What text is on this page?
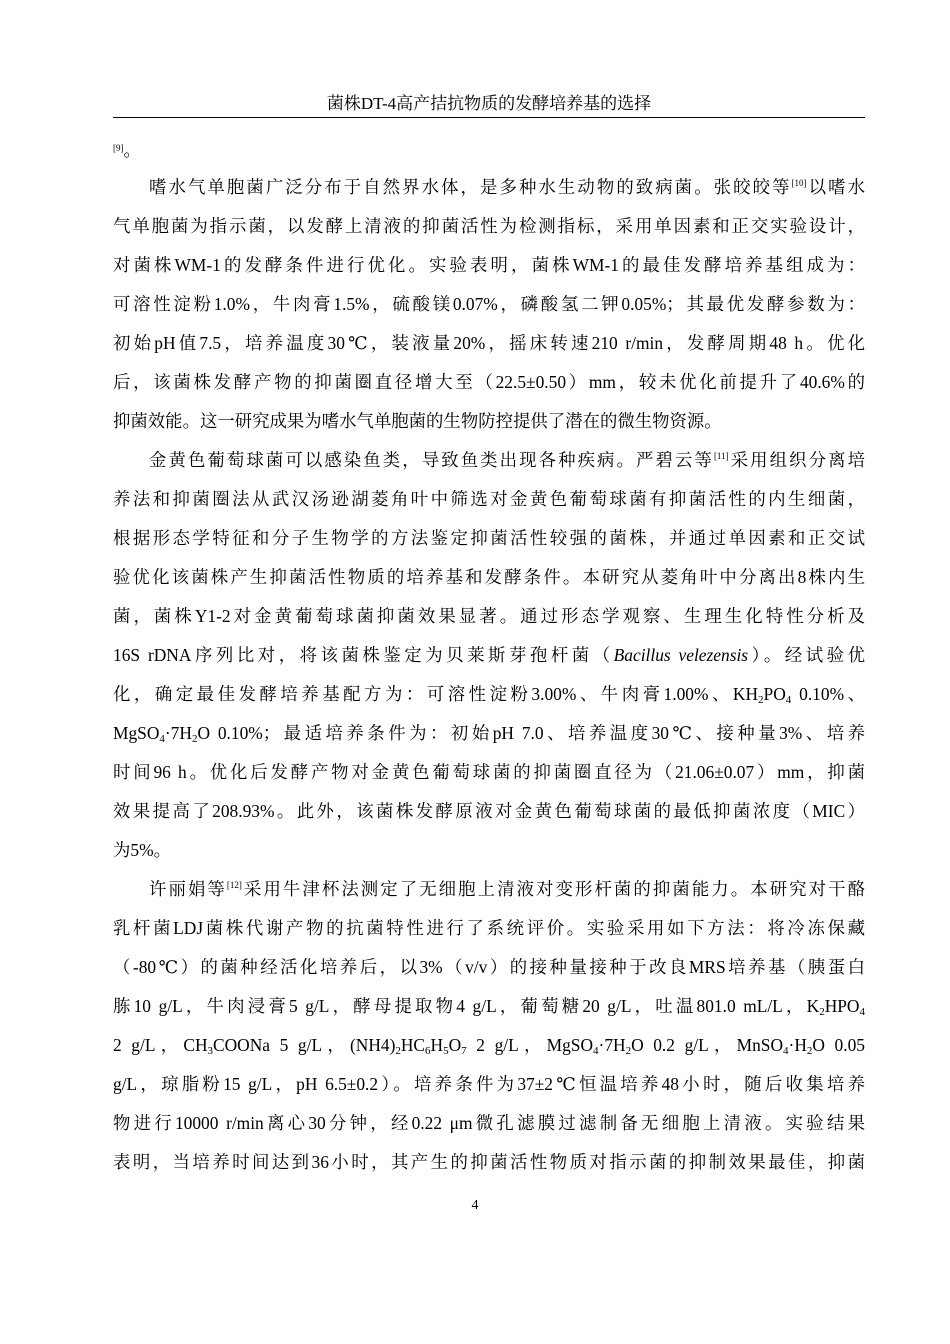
菌株DT-4高产拮抗物质的发酵培养基的选择
[9]。
嗜水气单胞菌广泛分布于自然界水体，是多种水生动物的致病菌。张皎皎等[10]以嗜水
气单胞菌为指示菌，以发酵上清液的抑菌活性为检测指标，采用单因素和正交实验设计，
对菌株WM-1的发酵条件进行优化。实验表明，菌株WM-1的最佳发酵培养基组成为：
可溶性淀粉1.0%，牛肉膏1.5%，硫酸镁0.07%，磷酸氢二钾0.05%；其最优发酵参数为：
初始pH值7.5，培养温度30℃，装液量20%，摇床转速210 r/min，发酵周期48 h。优化
后，该菌株发酵产物的抑菌圈直径增大至（22.5±0.50）mm，较未优化前提升了40.6%的
抑菌效能。这一研究成果为嗜水气单胞菌的生物防控提供了潜在的微生物资源。
金黄色葡萄球菌可以感染鱼类，导致鱼类出现各种疾病。严碧云等[11]采用组织分离培
养法和抑菌圈法从武汉汤逊湖菱角叶中筛选对金黄色葡萄球菌有抑菌活性的内生细菌，
根据形态学特征和分子生物学的方法鉴定抑菌活性较强的菌株，并通过单因素和正交试
验优化该菌株产生抑菌活性物质的培养基和发酵条件。本研究从菱角叶中分离出8株内生
菌，菌株Y1-2对金黄葡萄球菌抑菌效果显著。通过形态学观察、生理生化特性分析及
16S rDNA序列比对，将该菌株鉴定为贝莱斯芽孢杆菌（Bacillus velezensis）。经试验优
化，确定最佳发酵培养基配方为：可溶性淀粉3.00%、牛肉膏1.00%、$KH_2PO_4$ 0.10%、
$MgSO_4\cdot 7H_2O$ 0.10%；最适培养条件为：初始pH 7.0、培养温度30℃、接种量3%、培养
时间96 h。优化后发酵产物对金黄色葡萄球菌的抑菌圈直径为（21.06±0.07）mm，抑菌
效果提高了208.93%。此外，该菌株发酵原液对金黄色葡萄球菌的最低抑菌浓度（MIC）
为5%。
许丽娟等[12]采用牛津杯法测定了无细胞上清液对变形杆菌的抑菌能力。本研究对干酪
乳杆菌LDJ菌株代谢产物的抗菌特性进行了系统评价。实验采用如下方法：将冷冻保藏
（-80℃）的菌种经活化培养后，以3%（v/v）的接种量接种于改良MRS培养基（胰蛋白
胨10 g/L，牛肉浸膏5 g/L，酵母提取物4 g/L，葡萄糖20 g/L，吐温801.0 mL/L，$K_2HPO_4$
2 g/L，$CH_3COONa$ 5 g/L，$(NH4)_2HC_6H_5O_7$ 2 g/L，$MgSO_4\cdot 7H_2O$ 0.2 g/L，$MnSO_4\cdot H_2O$ 0.05
g/L，琼脂粉15 g/L，pH 6.5±0.2）。培养条件为37±2℃恒温培养48小时，随后收集培养
物进行10000 r/min离心30分钟，经0.22 μm微孔滤膜过滤制备无细胞上清液。实验结果
表明，当培养时间达到36小时，其产生的抑菌活性物质对指示菌的抑制效果最佳，抑菌
4
